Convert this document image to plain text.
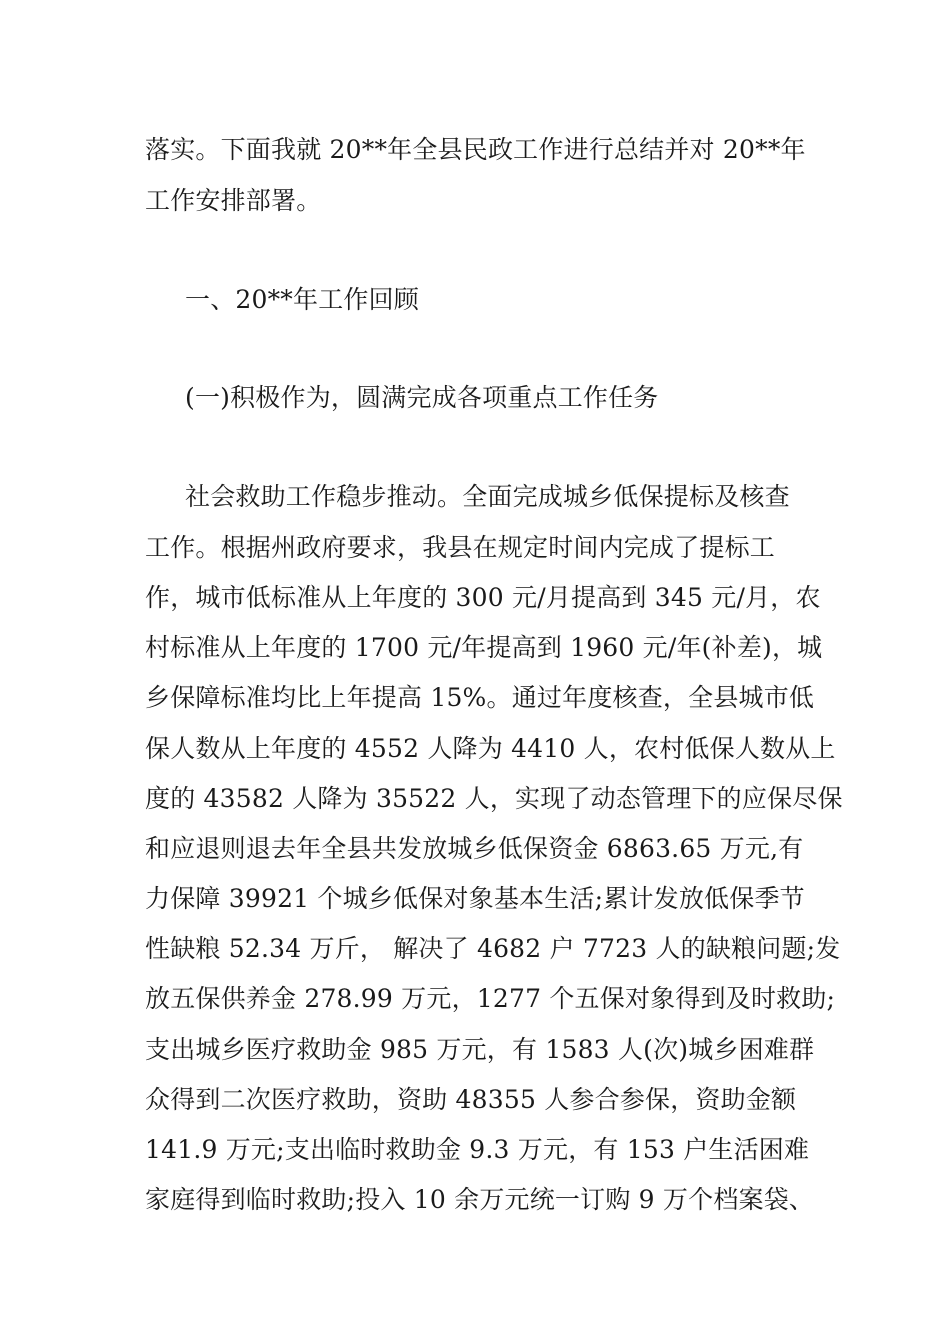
落实。下面我就 20**年全县民政工作进行总结并对 20**年
工作安排部署。
一、20**年工作回顾
(一)积极作为，圆满完成各项重点工作任务
社会救助工作稳步推动。全面完成城乡低保提标及核查
工作。根据州政府要求，我县在规定时间内完成了提标工
作，城市低标准从上年度的 300 元/月提高到 345 元/月，农
村标准从上年度的 1700 元/年提高到 1960 元/年(补差)，城
乡保障标准均比上年提高 15%。通过年度核查，全县城市低
保人数从上年度的 4552 人降为 4410 人，农村低保人数从上
度的 43582 人降为 35522 人，实现了动态管理下的应保尽保
和应退则退去年全县共发放城乡低保资金 6863.65 万元,有
力保障 39921 个城乡低保对象基本生活;累计发放低保季节
性缺粮 52.34 万斤， 解决了 4682 户 7723 人的缺粮问题;发
放五保供养金 278.99 万元，1277 个五保对象得到及时救助;
支出城乡医疗救助金 985 万元，有 1583 人(次)城乡困难群
众得到二次医疗救助，资助 48355 人参合参保，资助金额
141.9 万元;支出临时救助金 9.3 万元，有 153 户生活困难
家庭得到临时救助;投入 10 余万元统一订购 9 万个档案袋、
